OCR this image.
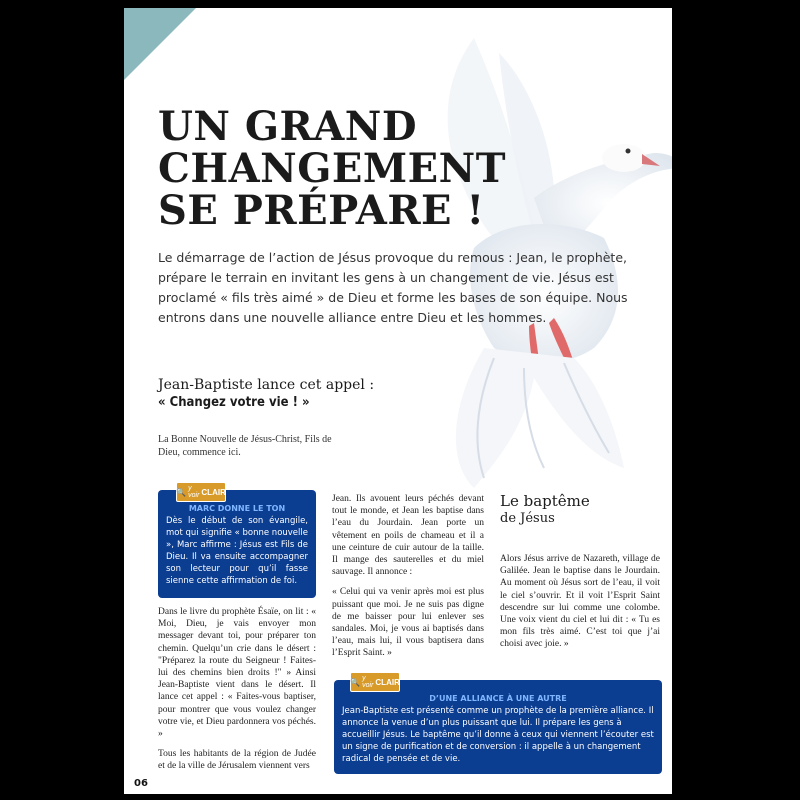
UN GRAND
CHANGEMENT
SE PRÉPARE !

Le démarrage de l’action de Jésus provoque du remous : Jean, le prophète, prépare le terrain en invitant les gens à un changement de vie. Jésus est proclamé « fils très aimé » de Dieu et forme les bases de son équipe. Nous entrons dans une nouvelle alliance entre Dieu et les hommes.

Jean-Baptiste lance cet appel :
« Changez votre vie ! »
La Bonne Nouvelle de Jésus-Christ, Fils de Dieu, commence ici.
🔍 y voir CLAIR
MARC DONNE LE TON
Dès le début de son évangile, mot qui signifie « bonne nouvelle », Marc affirme : Jésus est Fils de Dieu. Il va ensuite accompagner son lecteur pour qu’il fasse sienne cette affirmation de foi.

Dans le livre du prophète Ésaïe, on lit : « Moi, Dieu, je vais envoyer mon messager devant toi, pour préparer ton chemin. Quelqu’un crie dans le désert : "Préparez la route du Seigneur ! Faites-lui des chemins bien droits !" » Ainsi Jean-Baptiste vient dans le désert. Il lance cet appel : « Faites-vous baptiser, pour montrer que vous voulez changer votre vie, et Dieu pardonnera vos péchés. »

Tous les habitants de la région de Judée et de la ville de Jérusalem viennent vers

Jean. Ils avouent leurs péchés devant tout le monde, et Jean les baptise dans l’eau du Jourdain. Jean porte un vêtement en poils de chameau et il a une ceinture de cuir autour de la taille. Il mange des sauterelles et du miel sauvage. Il annonce :

« Celui qui va venir après moi est plus puissant que moi. Je ne suis pas digne de me baisser pour lui enlever ses sandales. Moi, je vous ai baptisés dans l’eau, mais lui, il vous baptisera dans l’Esprit Saint. »

Le baptême
de Jésus

Alors Jésus arrive de Nazareth, village de Galilée. Jean le baptise dans le Jourdain. Au moment où Jésus sort de l’eau, il voit le ciel s’ouvrir. Et il voit l’Esprit Saint descendre sur lui comme une colombe. Une voix vient du ciel et lui dit : « Tu es mon fils très aimé. C’est toi que j’ai choisi avec joie. »

🔍 y voir CLAIR
D’UNE ALLIANCE À UNE AUTRE
Jean-Baptiste est présenté comme un prophète de la première alliance. Il annonce la venue d’un plus puissant que lui. Il prépare les gens à accueillir Jésus. Le baptême qu’il donne à ceux qui viennent l’écouter est un signe de purification et de conversion : il appelle à un changement radical de pensée et de vie.
06
